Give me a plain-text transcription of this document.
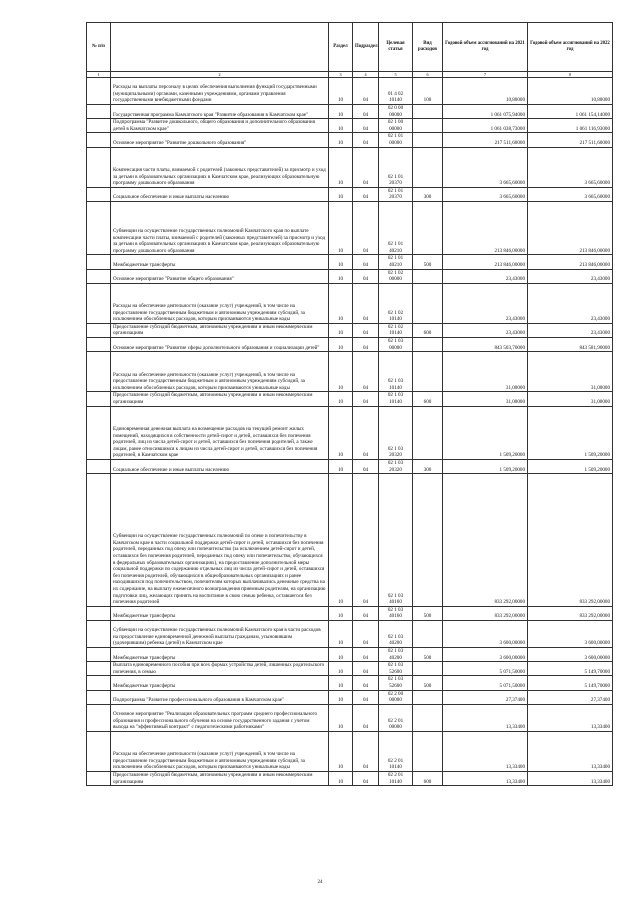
№ п/п		Раздел	Подраздел	Целевая статья	Вид расходов	Годовой объем ассигнований на 2021 год	Годовой объем ассигнований на 2022 год
1	2	3	4	5	6	7	8
	Расходы на выплаты персоналу в целях обеспечения выполнения функций государственными (муниципальными) органами, казенными учреждениями, органами управления государственными внебюджетными фондами	10	04	01 4 02 10140	100	10,80000	10,80000
	Государственная программа Камчатского края "Развитие образования в Камчатском крае"	10	04	02 0 00 00000		1 061 075,94000	1 061 154,14000
	Подпрограмма "Развитие дошкольного, общего образования и дополнительного образования детей в Камчатском крае"	10	04	02 1 00 00000		1 061 038,73000	1 061 116,93000
	Основное мероприятие "Развитие дошкольного образования"	10	04	02 1 01 00000		217 511,60000	217 511,60000
	Компенсация части платы, взимаемой с родителей (законных представителей) за присмотр и уход за детьми в образовательных организациях в Камчатском крае, реализующих образовательную программу дошкольного образования	10	04	02 1 01 20370		3 665,60000	3 665,60000
	Социальное обеспечение и иные выплаты населению	10	04	02 1 01 20370	300	3 665,60000	3 665,60000
	Субвенции на осуществление государственных полномочий Камчатского края по выплате компенсации части платы, взимаемой с родителей (законных представителей) за присмотр и уход за детьми в образовательных организациях в Камчатском крае, реализующих образовательную программу дошкольного образования	10	04	02 1 01 40210		213 846,00000	213 846,00000
	Межбюджетные трансферты	10	04	02 1 01 40210	500	213 846,00000	213 846,00000
	Основное мероприятие "Развитие общего образования"	10	04	02 1 02 00000		23,43000	23,43000
	Расходы на обеспечение деятельности (оказание услуг) учреждений, в том числе на предоставление государственным бюджетным и автономным учреждениям субсидий, за исключением обособленных расходов, которым присваиваются уникальные коды	10	04	02 1 02 10140		23,43000	23,43000
	Предоставление субсидий бюджетным, автономным учреждениям и иным некоммерческим организациям	10	04	02 1 02 10140	600	23,43000	23,43000
	Основное мероприятие "Развитие сферы дополнительного образования и социализации детей"	10	04	02 1 03 00000		843 503,70000	843 581,90000
	Расходы на обеспечение деятельности (оказание услуг) учреждений, в том числе на предоставление государственным бюджетным и автономным учреждениям субсидий, за исключением обособленных расходов, которым присваиваются уникальные коды	10	04	02 1 03 10140		31,00000	31,00000
	Предоставление субсидий бюджетным, автономным учреждениям и иным некоммерческим организациям	10	04	02 1 03 10140	600	31,00000	31,00000
	Единовременная денежная выплата на возмещение расходов на текущий ремонт жилых помещений, находящихся в собственности детей-сирот и детей, оставшихся без попечения родителей, лиц из числа детей-сирот и детей, оставшихся без попечения родителей, а также лицам, ранее относившимся к лицам из числа детей-сирот и детей, оставшихся без попечения родителей, в Камчатском крае	10	04	02 1 03 20320		1 509,20000	1 509,20000
	Социальное обеспечение и иные выплаты населению	10	04	02 1 03 20320	300	1 509,20000	1 509,20000
	Субвенции на осуществление государственных полномочий по опеке и попечительству в Камчатском крае в части социальной поддержки детей-сирот и детей, оставшихся без попечения родителей, переданных под опеку или попечительство (за исключением детей-сирот и детей, оставшихся без попечения родителей, переданных под опеку или попечительство, обучающихся в федеральных образовательных организациях), на предоставление дополнительной меры социальной поддержки по содержанию отдельных лиц из числа детей-сирот и детей, оставшихся без попечения родителей, обучающихся в общеобразовательных организациях и ранее находившихся под попечительством, попечителям которых выплачивались денежные средства на их содержание, на выплату ежемесячного вознаграждения приемным родителям, на организацию подготовки лиц, желающих принять на воспитание в свою семью ребенка, оставшегося без попечения родителей	10	04	02 1 03 40160		833 292,00000	833 292,00000
	Межбюджетные трансферты	10	04	02 1 03 40160	500	833 292,00000	833 292,00000
	Субвенции на осуществление государственных полномочий Камчатского края в части расходов на предоставление единовременной денежной выплаты гражданам, усыновившим (удочерившим) ребенка (детей) в Камчатском крае	10	04	02 1 03 40200		3 600,00000	3 600,00000
	Межбюджетные трансферты	10	04	02 1 03 40200	500	3 600,00000	3 600,00000
	Выплата единовременного пособия при всех формах устройства детей, лишенных родительского попечения, в семью	10	04	02 1 03 52600		5 071,50000	5 149,70000
	Межбюджетные трансферты	10	04	02 1 03 52600	500	5 071,50000	5 149,70000
	Подпрограмма "Развитие профессионального образования в Камчатском крае"	10	04	02 2 00 00000		27,37400	27,37400
	Основное мероприятие "Реализация образовательных программ среднего профессионального образования и профессионального обучения на основе государственного задания с учетом выхода на "эффективный контракт" с педагогическими работниками"	10	04	02 2 01 00000		13,33400	13,33400
	Расходы на обеспечение деятельности (оказание услуг) учреждений, в том числе на предоставление государственным бюджетным и автономным учреждениям субсидий, за исключением обособленных расходов, которым присваиваются уникальные коды	10	04	02 2 01 10140		13,33400	13,33400
	Предоставление субсидий бюджетным, автономным учреждениям и иным некоммерческим организациям	10	04	02 2 01 10140	600	13,33400	13,33400
24
